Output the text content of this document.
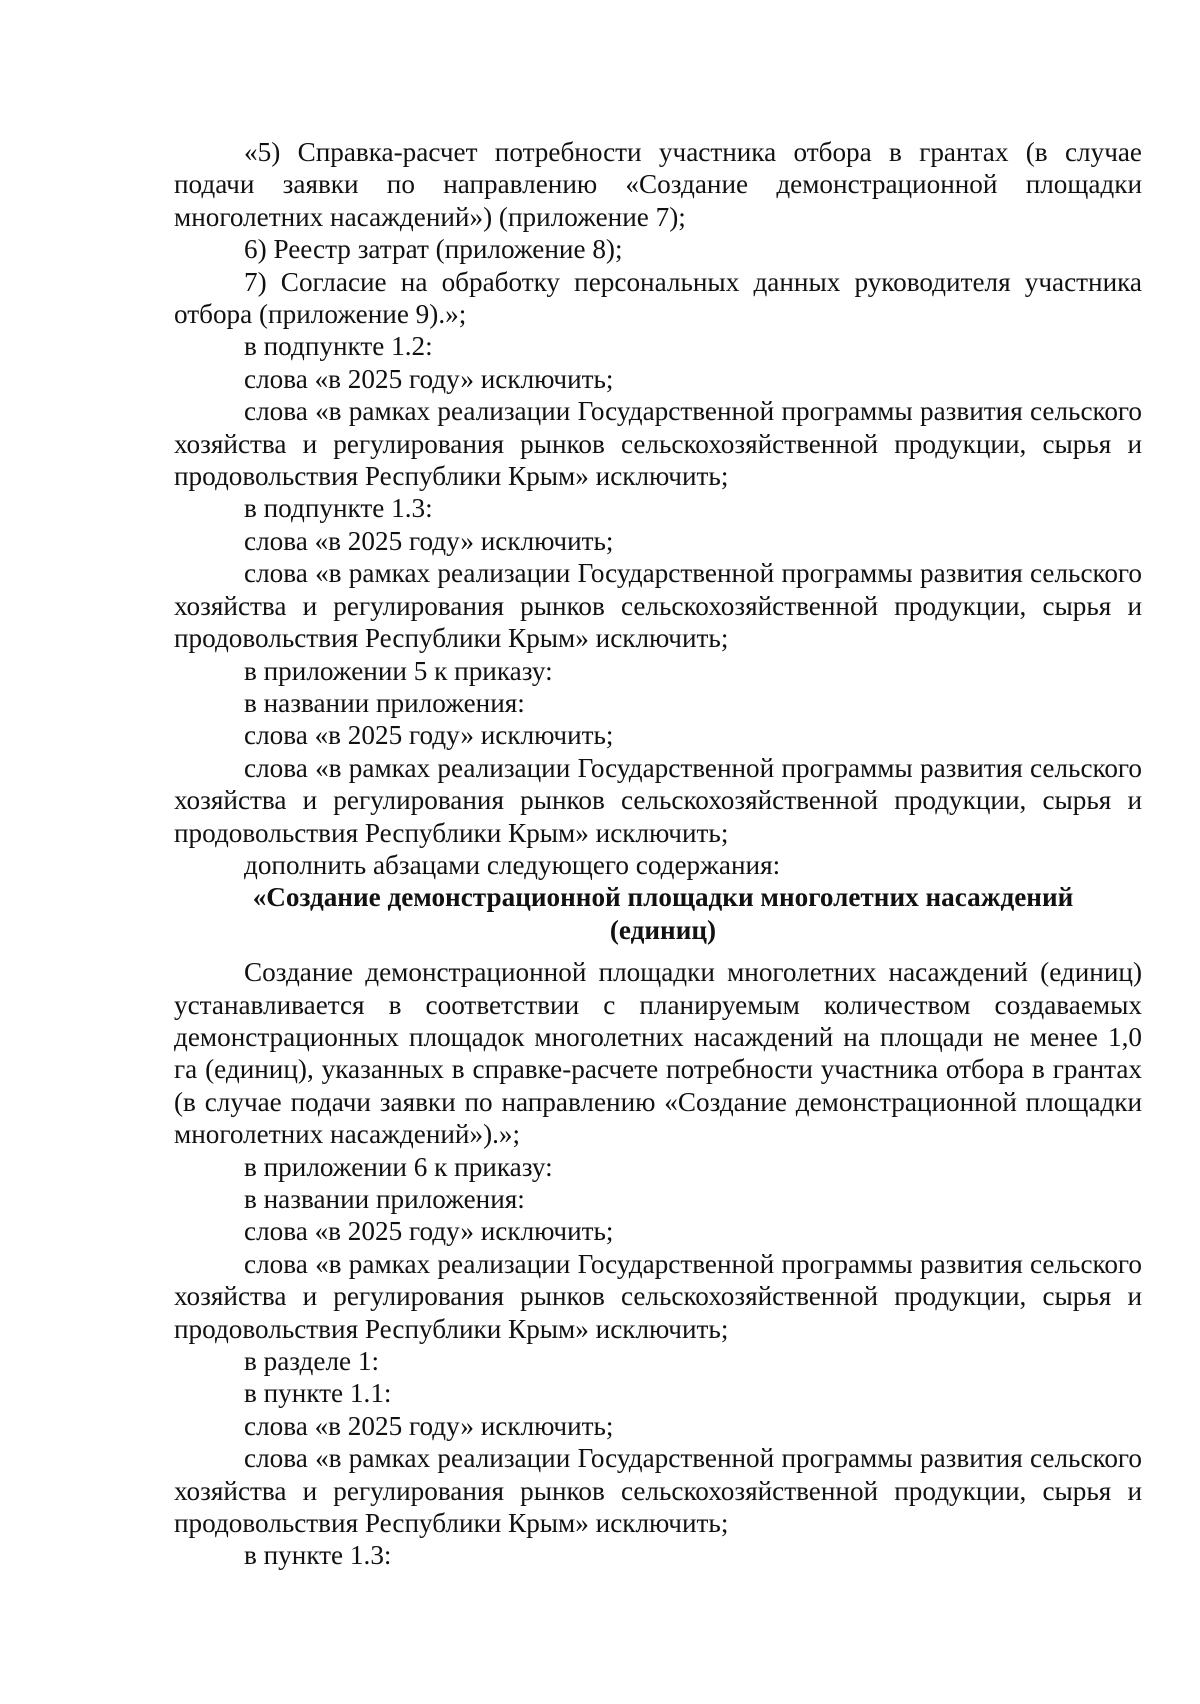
«5) Справка-расчет потребности участника отбора в грантах (в случае подачи заявки по направлению «Создание демонстрационной площадки многолетних насаждений») (приложение 7);

6) Реестр затрат (приложение 8);

7) Согласие на обработку персональных данных руководителя участника отбора (приложение 9).»;

в подпункте 1.2:

слова «в 2025 году» исключить;

слова «в рамках реализации Государственной программы развития сельского хозяйства и регулирования рынков сельскохозяйственной продукции, сырья и продовольствия Республики Крым» исключить;

в подпункте 1.3:

слова «в 2025 году» исключить;

слова «в рамках реализации Государственной программы развития сельского хозяйства и регулирования рынков сельскохозяйственной продукции, сырья и продовольствия Республики Крым» исключить;

в приложении 5 к приказу:

в названии приложения:

слова «в 2025 году» исключить;

слова «в рамках реализации Государственной программы развития сельского хозяйства и регулирования рынков сельскохозяйственной продукции, сырья и продовольствия Республики Крым» исключить;

дополнить абзацами следующего содержания:

«Создание демонстрационной площадки многолетних насаждений (единиц)

Создание демонстрационной площадки многолетних насаждений (единиц) устанавливается в соответствии с планируемым количеством создаваемых демонстрационных площадок многолетних насаждений на площади не менее 1,0 га (единиц), указанных в справке-расчете потребности участника отбора в грантах (в случае подачи заявки по направлению «Создание демонстрационной площадки многолетних насаждений»).»;

в приложении 6 к приказу:

в названии приложения:

слова «в 2025 году» исключить;

слова «в рамках реализации Государственной программы развития сельского хозяйства и регулирования рынков сельскохозяйственной продукции, сырья и продовольствия Республики Крым» исключить;

в разделе 1:

в пункте 1.1:

слова «в 2025 году» исключить;

слова «в рамках реализации Государственной программы развития сельского хозяйства и регулирования рынков сельскохозяйственной продукции, сырья и продовольствия Республики Крым» исключить;

в пункте 1.3:
